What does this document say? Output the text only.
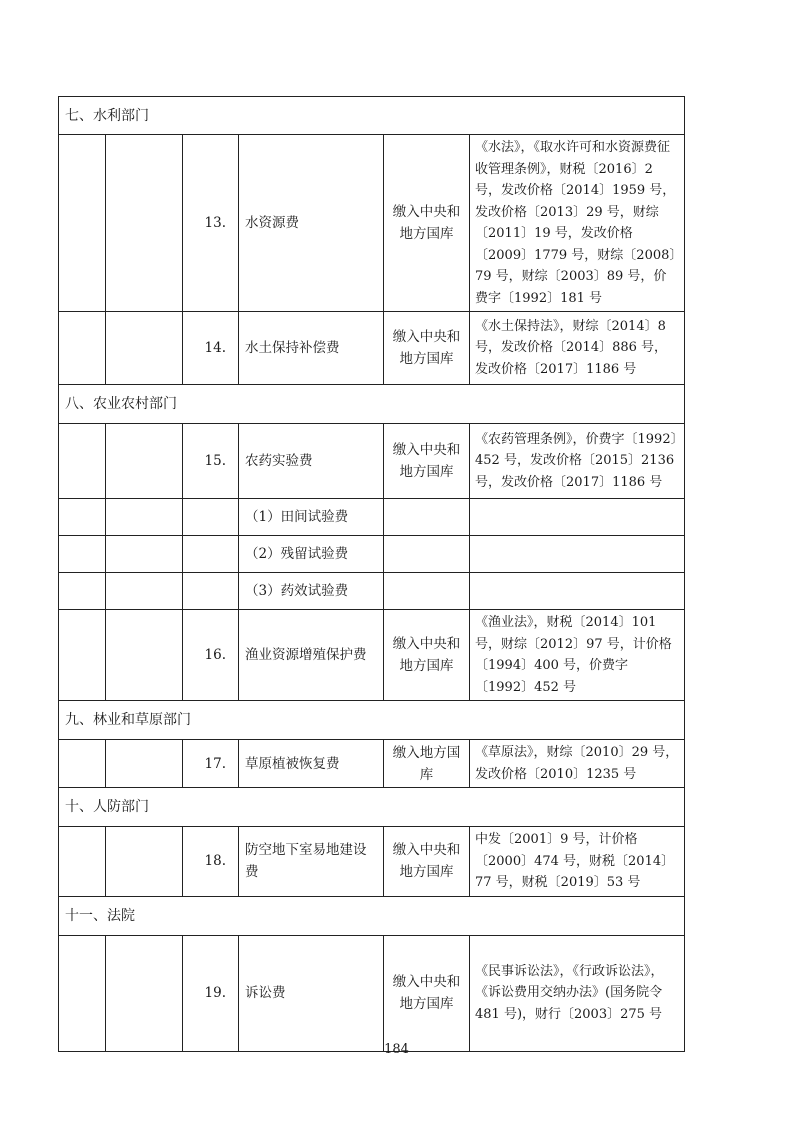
七、水利部门					
		13.	水资源费	缴入中央和地方国库	《水法》，《取水许可和水资源费征收管理条例》，财税〔2016〕2 号，发改价格〔2014〕1959 号，发改价格〔2013〕29 号，财综〔2011〕19 号，发改价格〔2009〕1779 号，财综〔2008〕79 号，财综〔2003〕89 号，价费字〔1992〕181 号
		14.	水土保持补偿费	缴入中央和地方国库	《水土保持法》，财综〔2014〕8 号，发改价格〔2014〕886 号，发改价格〔2017〕1186 号
八、农业农村部门					
		15.	农药实验费	缴入中央和地方国库	《农药管理条例》，价费字〔1992〕452 号，发改价格〔2015〕2136 号，发改价格〔2017〕1186 号
			（1）田间试验费		
			（2）残留试验费		
			（3）药效试验费		
		16.	渔业资源增殖保护费	缴入中央和地方国库	《渔业法》，财税〔2014〕101 号，财综〔2012〕97 号，计价格〔1994〕400 号，价费字〔1992〕452 号
九、林业和草原部门					
		17.	草原植被恢复费	缴入地方国库	《草原法》，财综〔2010〕29 号，发改价格〔2010〕1235 号
十、人防部门					
		18.	防空地下室易地建设费	缴入中央和地方国库	中发〔2001〕9 号，计价格〔2000〕474 号，财税〔2014〕77 号，财税〔2019〕53 号
十一、法院					
		19.	诉讼费	缴入中央和地方国库	《民事诉讼法》，《行政诉讼法》，《诉讼费用交纳办法》(国务院令 481 号)，财行〔2003〕275 号
184
